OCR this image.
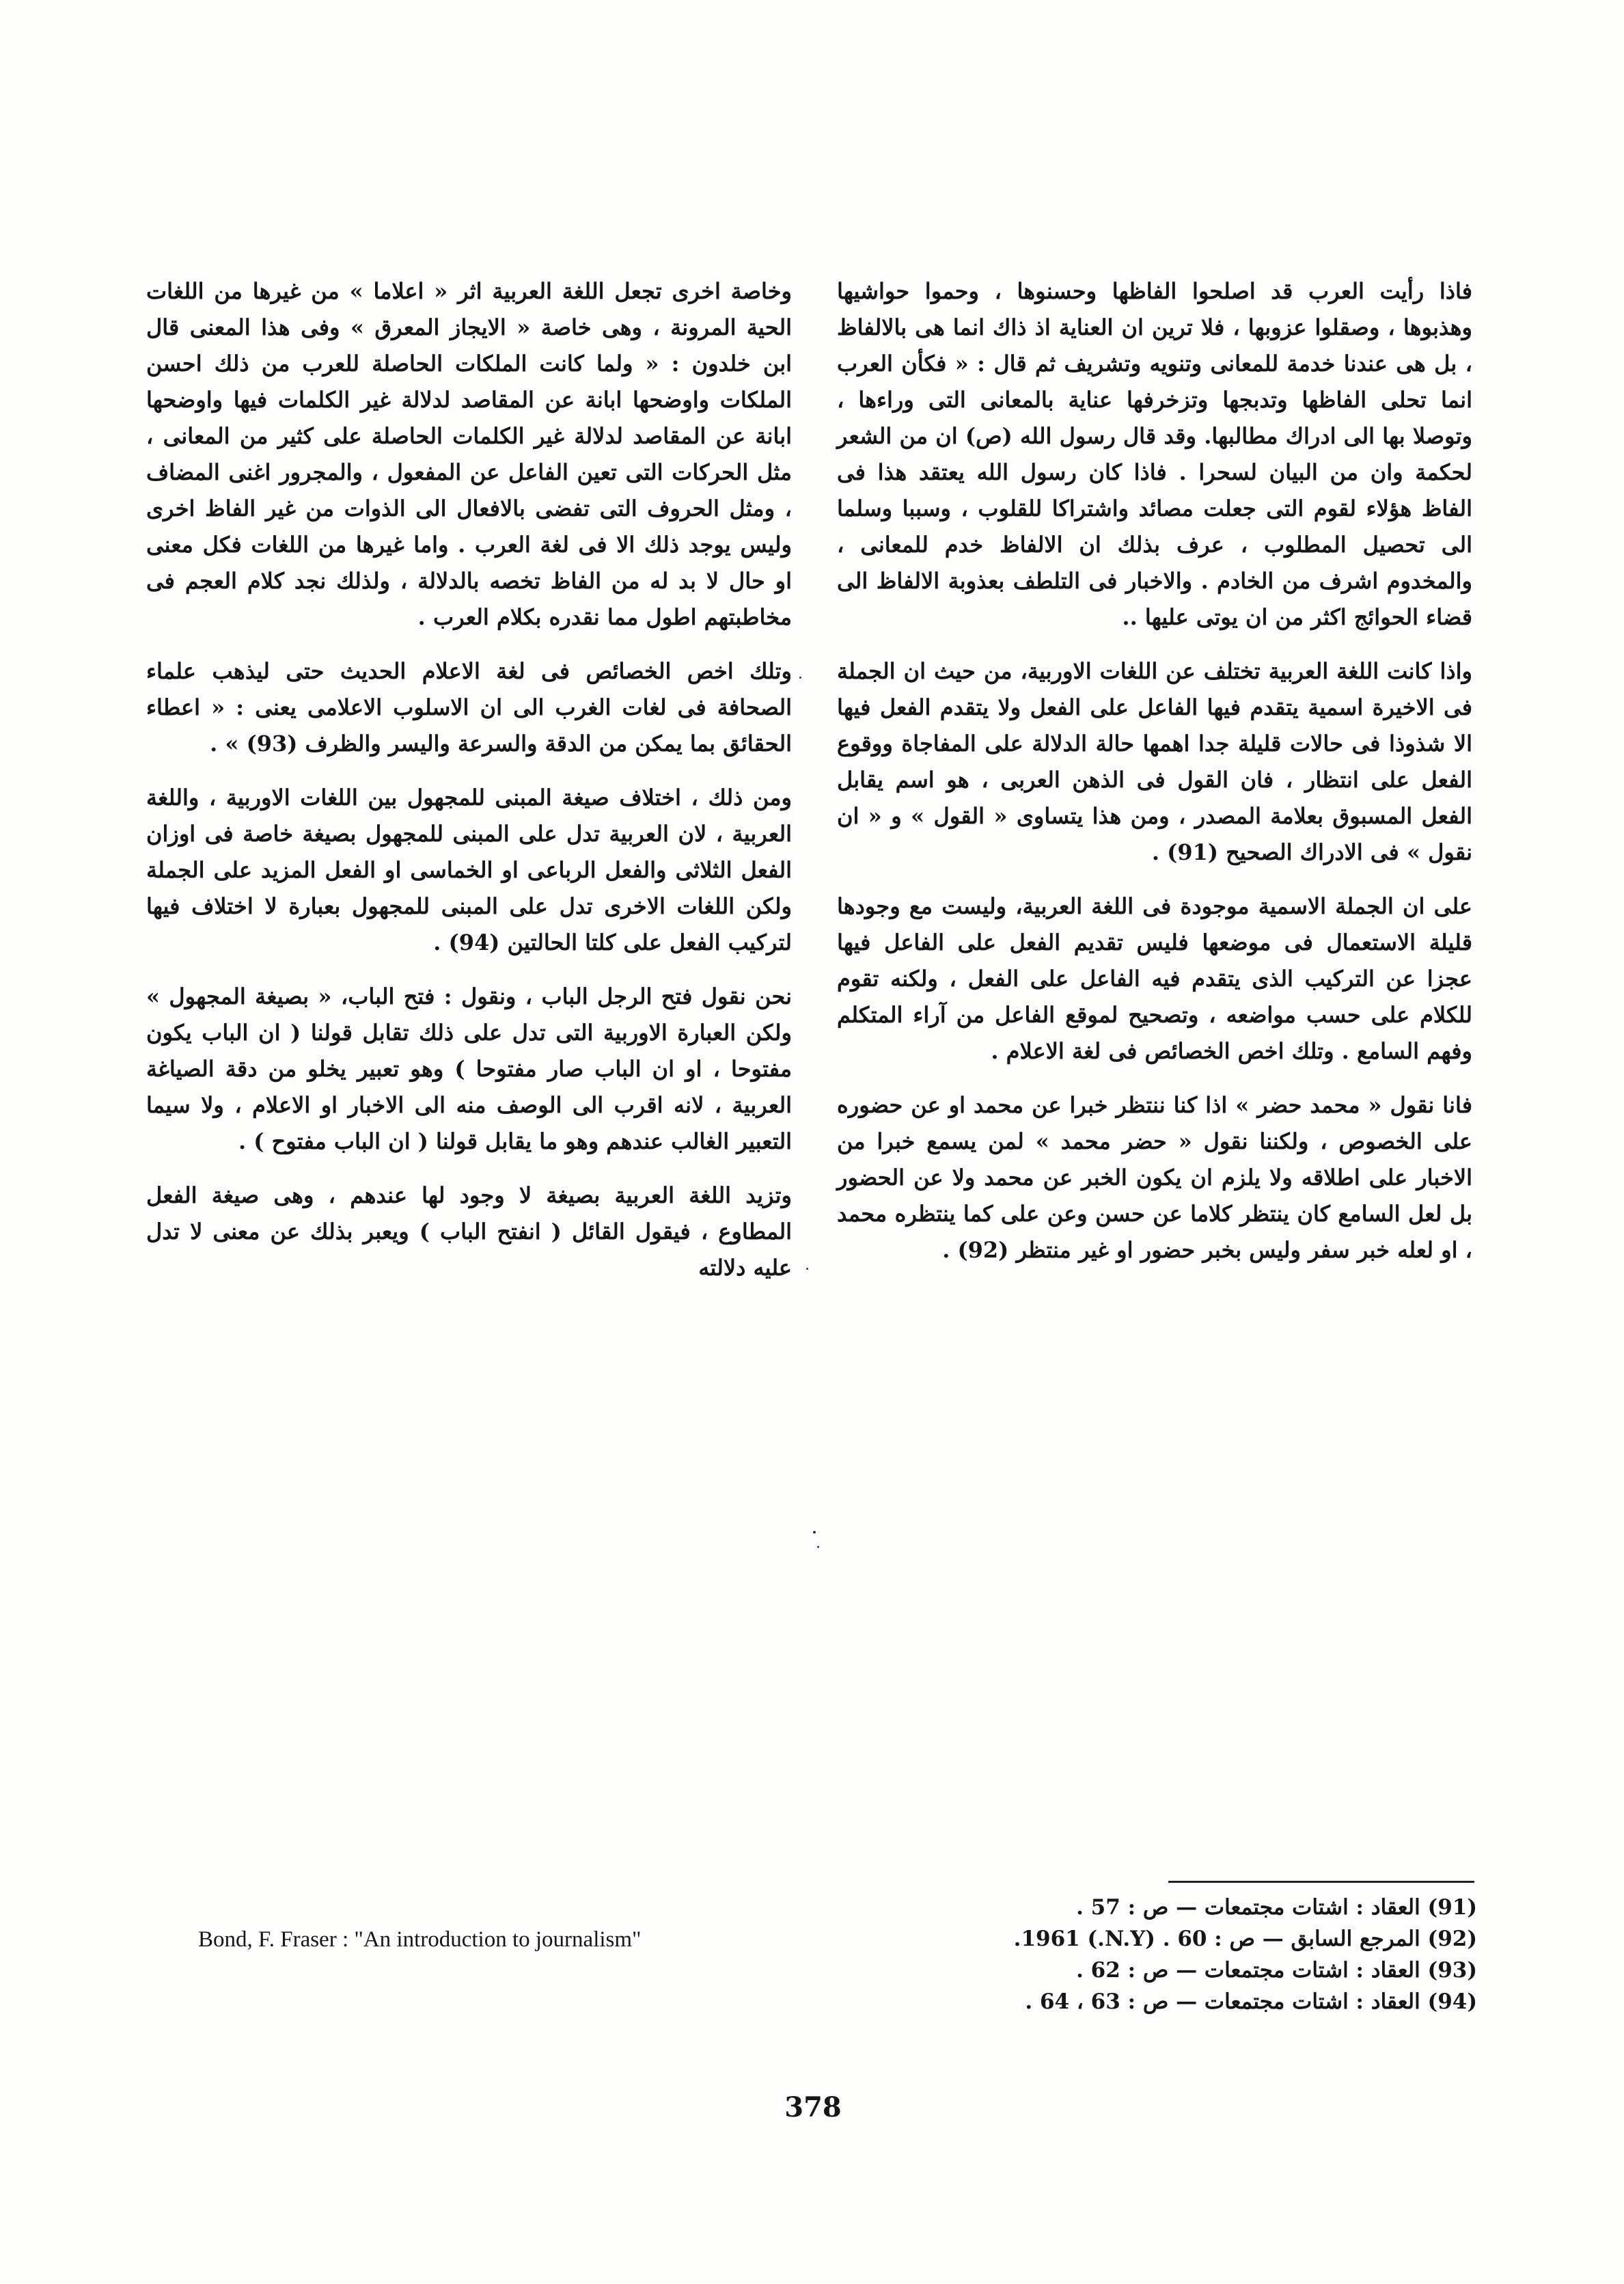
فاذا رأيت العرب قد اصلحوا الفاظها وحسنوها ، وحموا حواشيها وهذبوها ، وصقلوا عزوبها ، فلا ترين ان العناية اذ ذاك انما هى بالالفاظ ، بل هى عندنا خدمة للمعانى وتنويه وتشريف ثم قال : « فكأن العرب انما تحلى الفاظها وتدبجها وتزخرفها عناية بالمعانى التى وراءها ، وتوصلا بها الى ادراك مطالبها. وقد قال رسول الله (ص) ان من الشعر لحكمة وان من البيان لسحرا . فاذا كان رسول الله يعتقد هذا فى الفاظ هؤلاء لقوم التى جعلت مصائد واشتراكا للقلوب ، وسببا وسلما الى تحصيل المطلوب ، عرف بذلك ان الالفاظ خدم للمعانى ، والمخدوم اشرف من الخادم . والاخبار فى التلطف بعذوبة الالفاظ الى قضاء الحوائج اكثر من ان يوتى عليها ..

واذا كانت اللغة العربية تختلف عن اللغات الاوربية، من حيث ان الجملة فى الاخيرة اسمية يتقدم فيها الفاعل على الفعل ولا يتقدم الفعل فيها الا شذوذا فى حالات قليلة جدا اهمها حالة الدلالة على المفاجاة ووقوع الفعل على انتظار ، فان القول فى الذهن العربى ، هو اسم يقابل الفعل المسبوق بعلامة المصدر ، ومن هذا يتساوى « القول » و « ان نقول » فى الادراك الصحيح (91) .

على ان الجملة الاسمية موجودة فى اللغة العربية، وليست مع وجودها قليلة الاستعمال فى موضعها فليس تقديم الفعل على الفاعل فيها عجزا عن التركيب الذى يتقدم فيه الفاعل على الفعل ، ولكنه تقوم للكلام على حسب مواضعه ، وتصحيح لموقع الفاعل من آراء المتكلم وفهم السامع . وتلك اخص الخصائص فى لغة الاعلام .

فانا نقول « محمد حضر » اذا كنا ننتظر خبرا عن محمد او عن حضوره على الخصوص ، ولكننا نقول « حضر محمد » لمن يسمع خبرا من الاخبار على اطلاقه ولا يلزم ان يكون الخبر عن محمد ولا عن الحضور بل لعل السامع كان ينتظر كلاما عن حسن وعن على كما ينتظره محمد ، او لعله خبر سفر وليس بخبر حضور او غير منتظر (92) .

وخاصة اخرى تجعل اللغة العربية اثر « اعلاما » من غيرها من اللغات الحية المرونة ، وهى خاصة « الايجاز المعرق » وفى هذا المعنى قال ابن خلدون : « ولما كانت الملكات الحاصلة للعرب من ذلك احسن الملكات واوضحها ابانة عن المقاصد لدلالة غير الكلمات فيها واوضحها ابانة عن المقاصد لدلالة غير الكلمات الحاصلة على كثير من المعانى ، مثل الحركات التى تعين الفاعل عن المفعول ، والمجرور اغنى المضاف ، ومثل الحروف التى تفضى بالافعال الى الذوات من غير الفاظ اخرى وليس يوجد ذلك الا فى لغة العرب . واما غيرها من اللغات فكل معنى او حال لا بد له من الفاظ تخصه بالدلالة ، ولذلك نجد كلام العجم فى مخاطبتهم اطول مما نقدره بكلام العرب .

وتلك اخص الخصائص فى لغة الاعلام الحديث حتى ليذهب علماء الصحافة فى لغات الغرب الى ان الاسلوب الاعلامى يعنى : « اعطاء الحقائق بما يمكن من الدقة والسرعة واليسر والظرف (93) » .

ومن ذلك ، اختلاف صيغة المبنى للمجهول بين اللغات الاوربية ، واللغة العربية ، لان العربية تدل على المبنى للمجهول بصيغة خاصة فى اوزان الفعل الثلاثى والفعل الرباعى او الخماسى او الفعل المزيد على الجملة ولكن اللغات الاخرى تدل على المبنى للمجهول بعبارة لا اختلاف فيها لتركيب الفعل على كلتا الحالتين (94) .

نحن نقول فتح الرجل الباب ، ونقول : فتح الباب، « بصيغة المجهول » ولكن العبارة الاوربية التى تدل على ذلك تقابل قولنا ( ان الباب يكون مفتوحا ، او ان الباب صار مفتوحا ) وهو تعبير يخلو من دقة الصياغة العربية ، لانه اقرب الى الوصف منه الى الاخبار او الاعلام ، ولا سيما التعبير الغالب عندهم وهو ما يقابل قولنا ( ان الباب مفتوح ) .

وتزيد اللغة العربية بصيغة لا وجود لها عندهم ، وهى صيغة الفعل المطاوع ، فيقول القائل ( انفتح الباب ) ويعبر بذلك عن معنى لا تدل عليه دلالته

(91) العقاد : اشتات مجتمعات — ص : 57 .
(92) المرجع السابق — ص : 60 . (N.Y.) 1961.
(93) العقاد : اشتات مجتمعات — ص : 62 .
(94) العقاد : اشتات مجتمعات — ص : 63 ، 64 .
Bond, F. Fraser : "An introduction to journalism"
378
